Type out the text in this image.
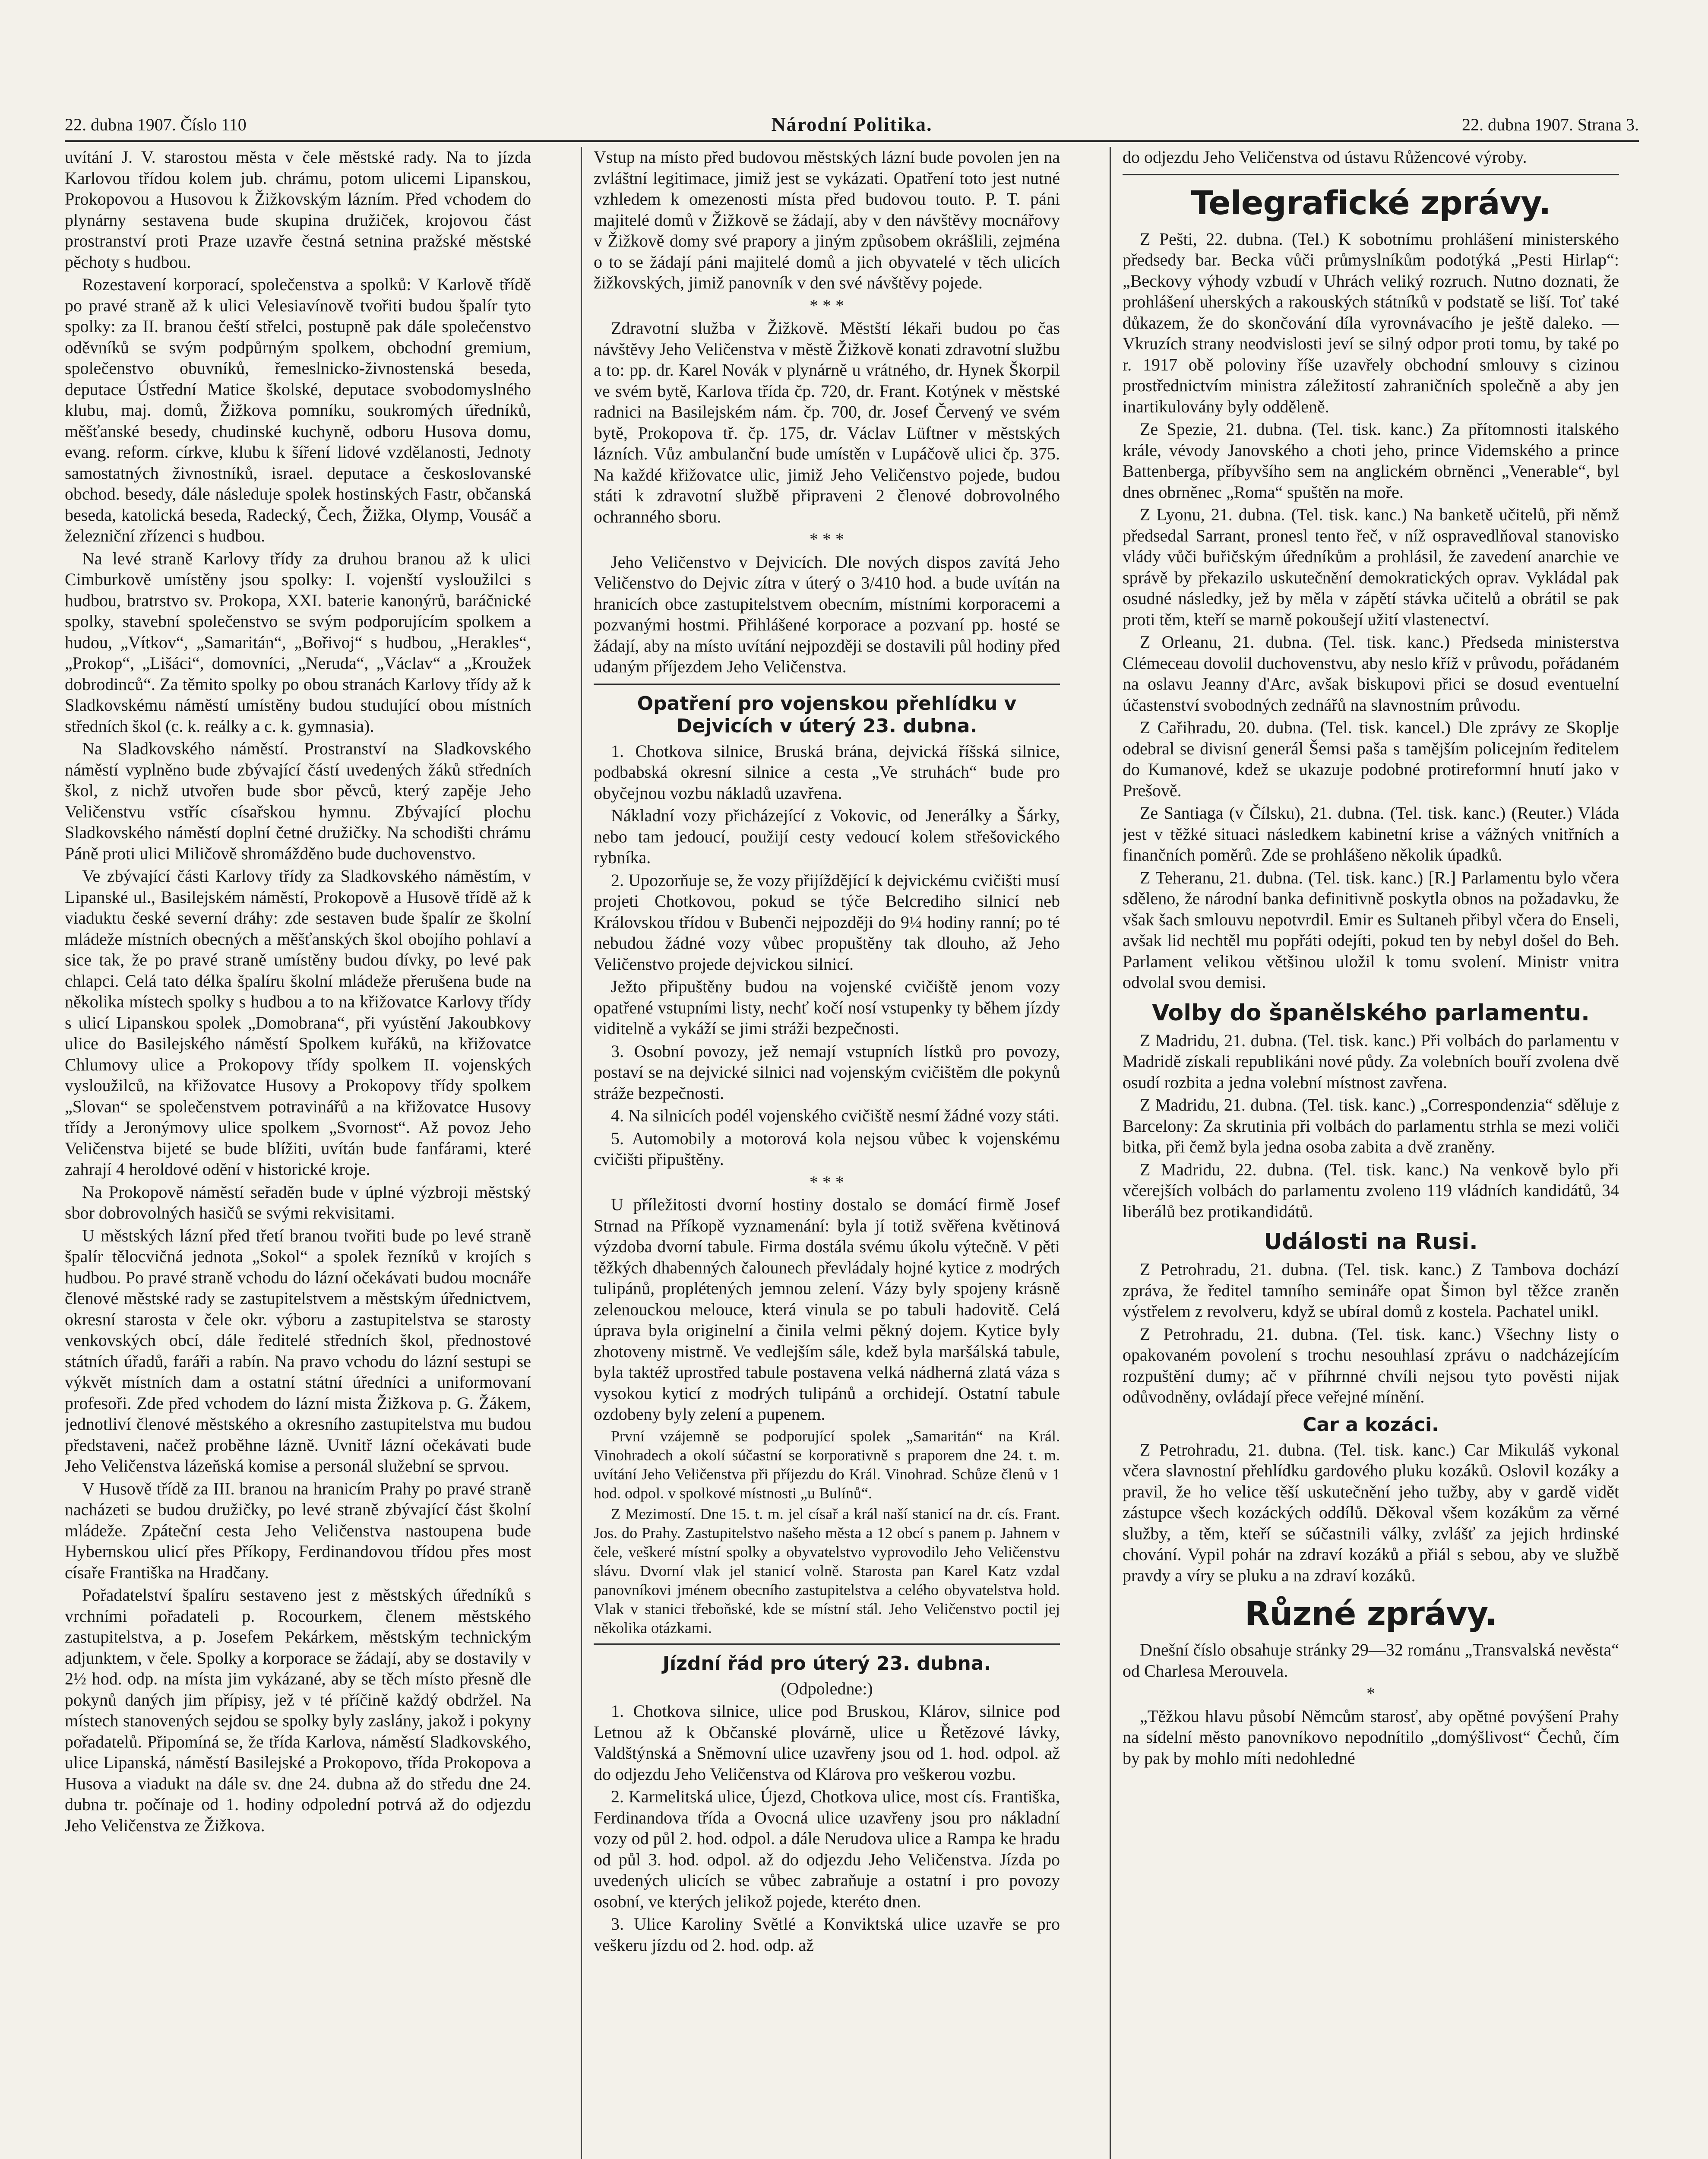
22. dubna 1907. Číslo 110	Národní Politika.	22. dubna 1907. Strana 3.

uvítání J. V. starostou města v čele městské rady. Na to jízda Karlovou třídou kolem jub. chrámu, potom ulicemi Lipanskou, Prokopovou a Husovou k Žižkovským lázním. Před vchodem do plynárny sestavena bude skupina družiček, krojovou část prostranství proti Praze uzavře čestná setnina pražské městské pěchoty s hudbou.

Rozestavení korporací, společenstva a spolků: V Karlově třídě po pravé straně až k ulici Velesiavínově tvořiti budou špalír tyto spolky: za II. branou čeští střelci, postupně pak dále společenstvo oděvníků se svým podpůrným spolkem, obchodní gremium, společenstvo obuvníků, řemeslnicko-živnostenská beseda, deputace Ústřední Matice školské, deputace svobodomyslného klubu, maj. domů, Žižkova pomníku, soukromých úředníků, měšťanské besedy, chudinské kuchyně, odboru Husova domu, evang. reform. církve, klubu k šíření lidové vzdělanosti, Jednoty samostatných živnostníků, israel. deputace a českoslovanské obchod. besedy, dále následuje spolek hostinských Fastr, občanská beseda, katolická beseda, Radecký, Čech, Žižka, Olymp, Vousáč a železniční zřízenci s hudbou.

Na levé straně Karlovy třídy za druhou branou až k ulici Cimburkově umístěny jsou spolky: I. vojenští vysloužilci s hudbou, bratrstvo sv. Prokopa, XXI. baterie kanonýrů, baráčnické spolky, stavební společenstvo se svým podporujícím spolkem a hudou, „Vítkov“, „Samaritán“, „Bořivoj“ s hudbou, „Herakles“, „Prokop“, „Lišáci“, domovníci, „Neruda“, „Václav“ a „Kroužek dobrodinců“. Za těmito spolky po obou stranách Karlovy třídy až k Sladkovskému náměstí umístěny budou studující obou místních středních škol (c. k. reálky a c. k. gymnasia).

Na Sladkovského náměstí. Prostranství na Sladkovského náměstí vyplněno bude zbývající částí uvedených žáků středních škol, z nichž utvořen bude sbor pěvců, který zapěje Jeho Veličenstvu vstříc císařskou hymnu. Zbývající plochu Sladkovského náměstí doplní četné družičky. Na schodišti chrámu Páně proti ulici Miličově shromážděno bude duchovenstvo.

Ve zbývající části Karlovy třídy za Sladkovského náměstím, v Lipanské ul., Basilejském náměstí, Prokopově a Husově třídě až k viaduktu české severní dráhy: zde sestaven bude špalír ze školní mládeže místních obecných a měšťanských škol obojího pohlaví a sice tak, že po pravé straně umístěny budou dívky, po levé pak chlapci. Celá tato délka špalíru školní mládeže přerušena bude na několika místech spolky s hudbou a to na křižovatce Karlovy třídy s ulicí Lipanskou spolek „Domobrana“, při vyústění Jakoubkovy ulice do Basilejského náměstí Spolkem kuřáků, na křižovatce Chlumovy ulice a Prokopovy třídy spolkem II. vojenských vysloužilců, na křižovatce Husovy a Prokopovy třídy spolkem „Slovan“ se společenstvem potravinářů a na křižovatce Husovy třídy a Jeronýmovy ulice spolkem „Svornost“. Až povoz Jeho Veličenstva bijeté se bude blížiti, uvítán bude fanfárami, které zahrají 4 heroldové odění v historické kroje.

Na Prokopově náměstí seřaděn bude v úplné výzbroji městský sbor dobrovolných hasičů se svými rekvisitami.

U městských lázní před třetí branou tvořiti bude po levé straně špalír tělocvičná jednota „Sokol“ a spolek řezníků v krojích s hudbou. Po pravé straně vchodu do lázní očekávati budou mocnáře členové městské rady se zastupitelstvem a městským úřednictvem, okresní starosta v čele okr. výboru a zastupitelstva se starosty venkovských obcí, dále ředitelé středních škol, přednostové státních úřadů, faráři a rabín. Na pravo vchodu do lázní sestupi se výkvět místních dam a ostatní státní úředníci a uniformovaní profesoři. Zde před vchodem do lázní mista Žižkova p. G. Žákem, jednotliví členové městského a okresního zastupitelstva mu budou představeni, načež proběhne lázně. Uvnitř lázní očekávati bude Jeho Veličenstva lázeňská komise a personál služební se sprvou.

V Husově třídě za III. branou na hranicím Prahy po pravé straně nacházeti se budou družičky, po levé straně zbývající část školní mládeže. Zpáteční cesta Jeho Veličenstva nastoupena bude Hybernskou ulicí přes Příkopy, Ferdinandovou třídou přes most císaře Františka na Hradčany.

Pořadatelství špalíru sestaveno jest z městských úředníků s vrchními pořadateli p. Rocourkem, členem městského zastupitelstva, a p. Josefem Pekárkem, městským technickým adjunktem, v čele. Spolky a korporace se žádají, aby se dostavily v 2½ hod. odp. na místa jim vykázané, aby se těch místo přesně dle pokynů daných jim přípisy, jež v té příčině každý obdržel. Na místech stanovených sejdou se spolky byly zaslány, jakož i pokyny pořadatelů. Připomíná se, že třída Karlova, náměstí Sladkovského, ulice Lipanská, náměstí Basilejské a Prokopovo, třída Prokopova a Husova a viadukt na dále sv. dne 24. dubna až do středu dne 24. dubna tr. počínaje od 1. hodiny odpolední potrvá až do odjezdu Jeho Veličenstva ze Žižkova.

Vstup na místo před budovou městských lázní bude povolen jen na zvláštní legitimace, jimiž jest se vykázati. Opatření toto jest nutné vzhledem k omezenosti místa před budovou touto. P. T. páni majitelé domů v Žižkově se žádají, aby v den návštěvy mocnářovy v Žižkově domy své prapory a jiným způsobem okrášlili, zejména o to se žádají páni majitelé domů a jich obyvatelé v těch ulicích žižkovských, jimiž panovník v den své návštěvy pojede.

* * *

Zdravotní služba v Žižkově. Městští lékaři budou po čas návštěvy Jeho Veličenstva v městě Žižkově konati zdravotní službu a to: pp. dr. Karel Novák v plynárně u vrátného, dr. Hynek Škorpil ve svém bytě, Karlova třída čp. 720, dr. Frant. Kotýnek v městské radnici na Basilejském nám. čp. 700, dr. Josef Červený ve svém bytě, Prokopova tř. čp. 175, dr. Václav Lüftner v městských lázních. Vůz ambulanční bude umístěn v Lupáčově ulici čp. 375. Na každé křižovatce ulic, jimiž Jeho Veličenstvo pojede, budou státi k zdravotní službě připraveni 2 členové dobrovolného ochranného sboru.

* * *

Jeho Veličenstvo v Dejvicích. Dle nových dispos zavítá Jeho Veličenstvo do Dejvic zítra v úterý o 3/410 hod. a bude uvítán na hranicích obce zastupitelstvem obecním, místními korporacemi a pozvanými hostmi. Přihlášené korporace a pozvaní pp. hosté se žádají, aby na místo uvítání nejpozději se dostavili půl hodiny před udaným příjezdem Jeho Veličenstva.

Opatření pro vojenskou přehlídku v Dejvicích v úterý 23. dubna.

1. Chotkova silnice, Bruská brána, dejvická říšská silnice, podbabská okresní silnice a cesta „Ve struhách“ bude pro obyčejnou vozbu nákladů uzavřena.

Nákladní vozy přicházející z Vokovic, od Jenerálky a Šárky, nebo tam jedoucí, použijí cesty vedoucí kolem střešovického rybníka.

2. Upozorňuje se, že vozy přijíždějící k dejvickému cvičišti musí projeti Chotkovou, pokud se týče Belcrediho silnicí neb Královskou třídou v Bubenči nejpozději do 9¼ hodiny ranní; po té nebudou žádné vozy vůbec propuštěny tak dlouho, až Jeho Veličenstvo projede dejvickou silnicí.

Ježto připuštěny budou na vojenské cvičiště jenom vozy opatřené vstupními listy, nechť kočí nosí vstupenky ty během jízdy viditelně a vykáží se jimi stráži bezpečnosti.

3. Osobní povozy, jež nemají vstupních lístků pro povozy, postaví se na dejvické silnici nad vojenským cvičištěm dle pokynů stráže bezpečnosti.

4. Na silnicích podél vojenského cvičiště nesmí žádné vozy státi.

5. Automobily a motorová kola nejsou vůbec k vojenskému cvičišti připuštěny.

* * *

U příležitosti dvorní hostiny dostalo se domácí firmě Josef Strnad na Příkopě vyznamenání: byla jí totiž svěřena květinová výzdoba dvorní tabule. Firma dostála svému úkolu výtečně. V pěti těžkých dhabenných čalounech převládaly hojné kytice z modrých tulipánů, proplétených jemnou zelení. Vázy byly spojeny krásně zelenouckou melouce, která vinula se po tabuli hadovitě. Celá úprava byla originelní a činila velmi pěkný dojem. Kytice byly zhotoveny mistrně. Ve vedlejším sále, kdež byla maršálská tabule, byla taktéž uprostřed tabule postavena velká nádherná zlatá váza s vysokou kyticí z modrých tulipánů a orchidejí. Ostatní tabule ozdobeny byly zelení a pupenem.

První vzájemně se podporující spolek „Samaritán“ na Král. Vinohradech a okolí súčastní se korporativně s praporem dne 24. t. m. uvítání Jeho Veličenstva při příjezdu do Král. Vinohrad. Schůze členů v 1 hod. odpol. v spolkové místnosti „u Bulínů“.

Z Mezimostí. Dne 15. t. m. jel císař a král naší stanicí na dr. cís. Frant. Jos. do Prahy. Zastupitelstvo našeho města a 12 obcí s panem p. Jahnem v čele, veškeré místní spolky a obyvatelstvo vyprovodilo Jeho Veličenstvu slávu. Dvorní vlak jel stanicí volně. Starosta pan Karel Katz vzdal panovníkovi jménem obecního zastupitelstva a celého obyvatelstva hold. Vlak v stanici třeboňské, kde se místní stál. Jeho Veličenstvo poctil jej několika otázkami.

Jízdní řád pro úterý 23. dubna.

(Odpoledne:)

1. Chotkova silnice, ulice pod Bruskou, Klárov, silnice pod Letnou až k Občanské plovárně, ulice u Řetězové lávky, Valdštýnská a Sněmovní ulice uzavřeny jsou od 1. hod. odpol. až do odjezdu Jeho Veličenstva od Klárova pro veškerou vozbu.

2. Karmelitská ulice, Újezd, Chotkova ulice, most cís. Františka, Ferdinandova třída a Ovocná ulice uzavřeny jsou pro nákladní vozy od půl 2. hod. odpol. a dále Nerudova ulice a Rampa ke hradu od půl 3. hod. odpol. až do odjezdu Jeho Veličenstva. Jízda po uvedených ulicích se vůbec zabraňuje a ostatní i pro povozy osobní, ve kterých jelikož pojede, kteréto dnen.

3. Ulice Karoliny Světlé a Konviktská ulice uzavře se pro veškeru jízdu od 2. hod. odp. až

do odjezdu Jeho Veličenstva od ústavu Růžencové výroby.

Telegrafické zprávy.

Z Pešti, 22. dubna. (Tel.) K sobotnímu prohlášení ministerského předsedy bar. Becka vůči průmyslníkům podotýká „Pesti Hirlap“: „Beckovy výhody vzbudí v Uhrách veliký rozruch. Nutno doznati, že prohlášení uherských a rakouských státníků v podstatě se liší. Toť také důkazem, že do skončování díla vyrovnávacího je ještě daleko. — Vkruzích strany neodvislosti jeví se silný odpor proti tomu, by také po r. 1917 obě poloviny říše uzavřely obchodní smlouvy s cizinou prostřednictvím ministra záležitostí zahraničních společně a aby jen inartikulovány byly odděleně.

Ze Spezie, 21. dubna. (Tel. tisk. kanc.) Za přítomnosti italského krále, vévody Janovského a choti jeho, prince Videmského a prince Battenberga, příbyvšího sem na anglickém obrněnci „Venerable“, byl dnes obrněnec „Roma“ spuštěn na moře.

Z Lyonu, 21. dubna. (Tel. tisk. kanc.) Na banketě učitelů, při němž předsedal Sarrant, pronesl tento řeč, v níž ospravedlňoval stanovisko vlády vůči buřičským úředníkům a prohlásil, že zavedení anarchie ve správě by překazilo uskutečnění demokratických oprav. Vykládal pak osudné následky, jež by měla v zápětí stávka učitelů a obrátil se pak proti těm, kteří se marně pokoušejí užití vlastenectví.

Z Orleanu, 21. dubna. (Tel. tisk. kanc.) Předseda ministerstva Clémeceau dovolil duchovenstvu, aby neslo kříž v průvodu, pořádaném na oslavu Jeanny d'Arc, avšak biskupovi přici se dosud eventuelní účastenství svobodných zednářů na slavnostním průvodu.

Z Cařihradu, 20. dubna. (Tel. tisk. kancel.) Dle zprávy ze Skoplje odebral se divisní generál Šemsi paša s tamějším policejním ředitelem do Kumanové, kdež se ukazuje podobné protireformní hnutí jako v Prešově.

Ze Santiaga (v Čílsku), 21. dubna. (Tel. tisk. kanc.) (Reuter.) Vláda jest v těžké situaci následkem kabinetní krise a vážných vnitřních a finančních poměrů. Zde se prohlášeno několik úpadků.

Z Teheranu, 21. dubna. (Tel. tisk. kanc.) [R.] Parlamentu bylo včera sděleno, že národní banka definitivně poskytla obnos na požadavku, že však šach smlouvu nepotvrdil. Emir es Sultaneh přibyl včera do Enseli, avšak lid nechtěl mu popřáti odejíti, pokud ten by nebyl došel do Beh. Parlament velikou většinou uložil k tomu svolení. Ministr vnitra odvolal svou demisi.

Volby do španělského parlamentu.

Z Madridu, 21. dubna. (Tel. tisk. kanc.) Při volbách do parlamentu v Madridě získali republikáni nové půdy. Za volebních bouří zvolena dvě osudí rozbita a jedna volební místnost zavřena.

Z Madridu, 21. dubna. (Tel. tisk. kanc.) „Correspondenzia“ sděluje z Barcelony: Za skrutinia při volbách do parlamentu strhla se mezi voliči bitka, při čemž byla jedna osoba zabita a dvě zraněny.

Z Madridu, 22. dubna. (Tel. tisk. kanc.) Na venkově bylo při včerejších volbách do parlamentu zvoleno 119 vládních kandidátů, 34 liberálů bez protikandidátů.

Události na Rusi.

Z Petrohradu, 21. dubna. (Tel. tisk. kanc.) Z Tambova dochází zpráva, že ředitel tamního semináře opat Šimon byl těžce zraněn výstřelem z revolveru, když se ubíral domů z kostela. Pachatel unikl.

Z Petrohradu, 21. dubna. (Tel. tisk. kanc.) Všechny listy o opakovaném povolení s trochu nesouhlasí zprávu o nadcházejícím rozpuštění dumy; ač v příhrnné chvíli nejsou tyto pověsti nijak odůvodněny, ovládají přece veřejné mínění.

Car a kozáci.

Z Petrohradu, 21. dubna. (Tel. tisk. kanc.) Car Mikuláš vykonal včera slavnostní přehlídku gardového pluku kozáků. Oslovil kozáky a pravil, že ho velice těší uskutečnění jeho tužby, aby v gardě vidět zástupce všech kozáckých oddílů. Děkoval všem kozákům za věrné služby, a těm, kteří se súčastnili války, zvlášť za jejich hrdinské chování. Vypil pohár na zdraví kozáků a přiál s sebou, aby ve službě pravdy a víry se pluku a na zdraví kozáků.

Různé zprávy.

Dnešní číslo obsahuje stránky 29—32 románu „Transvalská nevěsta“ od Charlesa Merouvela.

*

„Těžkou hlavu působí Němcům starosť, aby opětné povýšení Prahy na sídelní město panovníkovo nepodnítilo „domýšlivost“ Čechů, čím by pak by mohlo míti nedohledné
